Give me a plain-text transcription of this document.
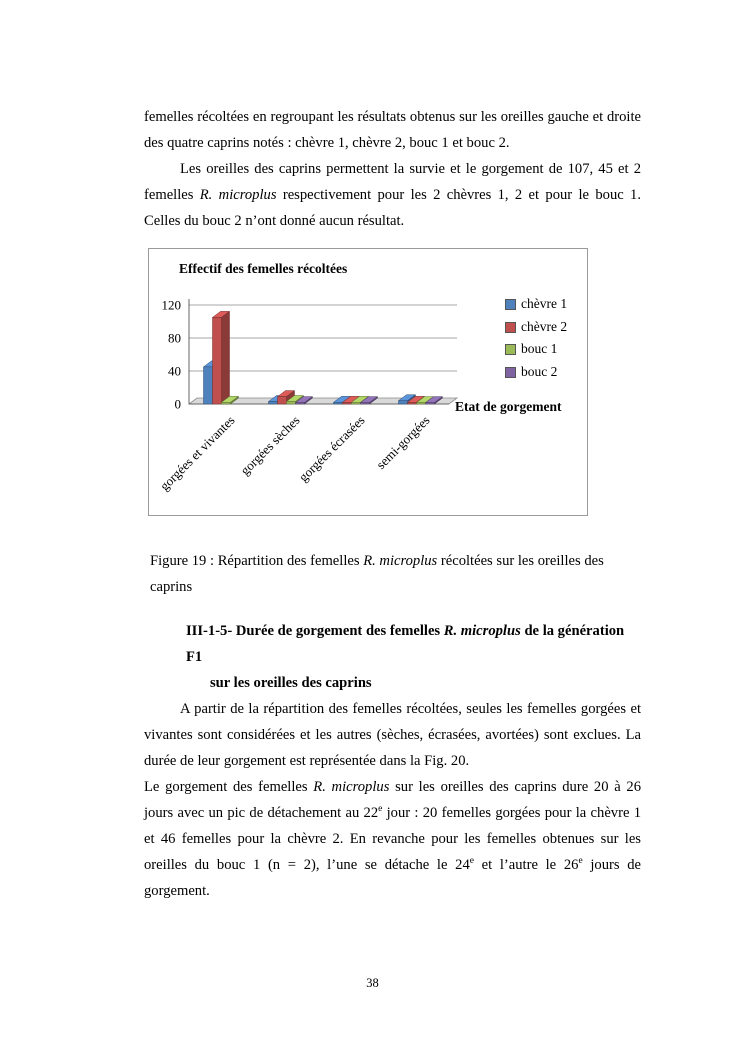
femelles récoltées en regroupant les résultats obtenus sur les oreilles gauche et droite des quatre caprins notés : chèvre 1, chèvre 2, bouc 1 et bouc 2.

Les oreilles des caprins permettent la survie et le gorgement de 107, 45 et 2 femelles R. microplus respectivement pour les 2 chèvres 1, 2 et pour le bouc 1. Celles du bouc 2 n’ont donné aucun résultat.

0
40
80
120
gorgées et vivantes gorgées sèches
gorgées écrasées semi-gorgées
Effectif des femelles récoltées
Etat de gorgement
chèvre 1
chèvre 2
bouc 1
bouc 2

Figure 19 : Répartition des femelles R. microplus récoltées sur les oreilles des caprins

III-1-5- Durée de gorgement des femelles R. microplus de la génération F1
sur les oreilles des caprins

A partir de la répartition des femelles récoltées, seules les femelles gorgées et vivantes sont considérées et les autres (sèches, écrasées, avortées) sont exclues. La durée de leur gorgement est représentée dans la Fig. 20.

Le gorgement des femelles R. microplus sur les oreilles des caprins dure 20 à 26 jours avec un pic de détachement au 22e jour : 20 femelles gorgées pour la chèvre 1 et 46 femelles pour la chèvre 2. En revanche pour les femelles obtenues sur les oreilles du bouc 1 (n = 2), l’une se détache le 24e et l’autre le 26e jours de gorgement.

38
